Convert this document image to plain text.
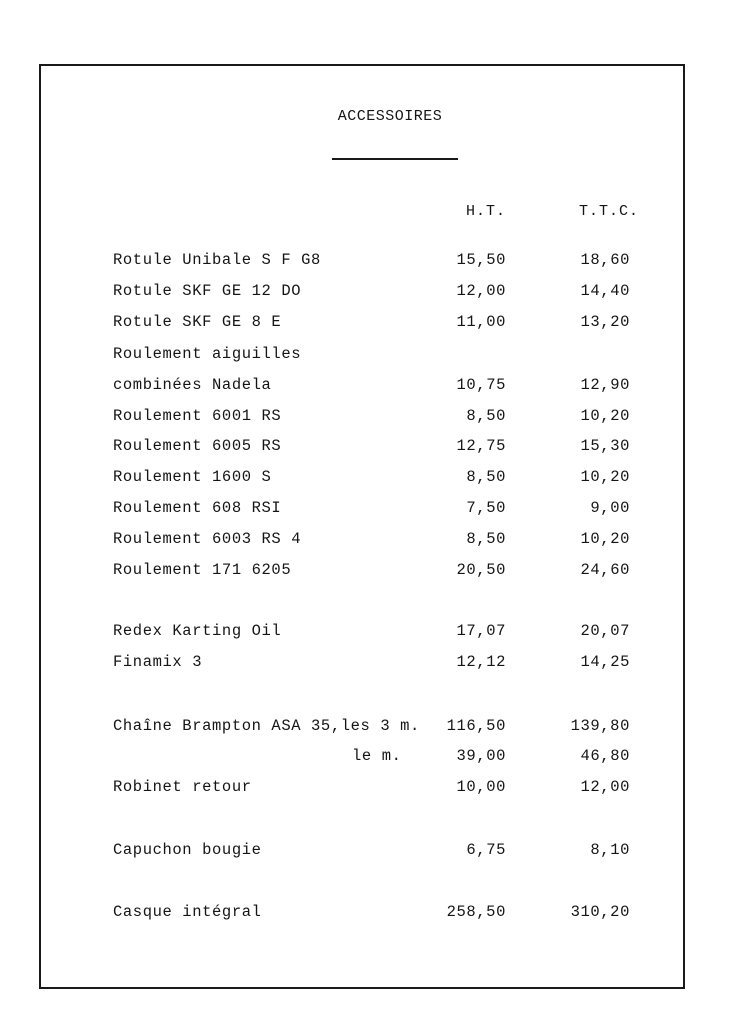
ACCESSOIRES
H.T.	T.T.C.
Rotule Unibale S F G8	15,50	18,60
Rotule SKF GE 12 DO	12,00	14,40
Rotule SKF GE 8 E	11,00	13,20
Roulement aiguilles
combinées Nadela	10,75	12,90
Roulement 6001 RS	8,50	10,20
Roulement 6005 RS	12,75	15,30
Roulement 1600 S	8,50	10,20
Roulement 608 RSI	7,50	9,00
Roulement 6003 RS 4	8,50	10,20
Roulement 171 6205	20,50	24,60
Redex Karting Oil	17,07	20,07
Finamix 3	12,12	14,25
Chaîne Brampton ASA 35,les 3 m. 116,50	139,80
le m.	39,00	46,80
Robinet retour	10,00	12,00
Capuchon bougie	6,75	8,10
Casque intégral	258,50	310,20
